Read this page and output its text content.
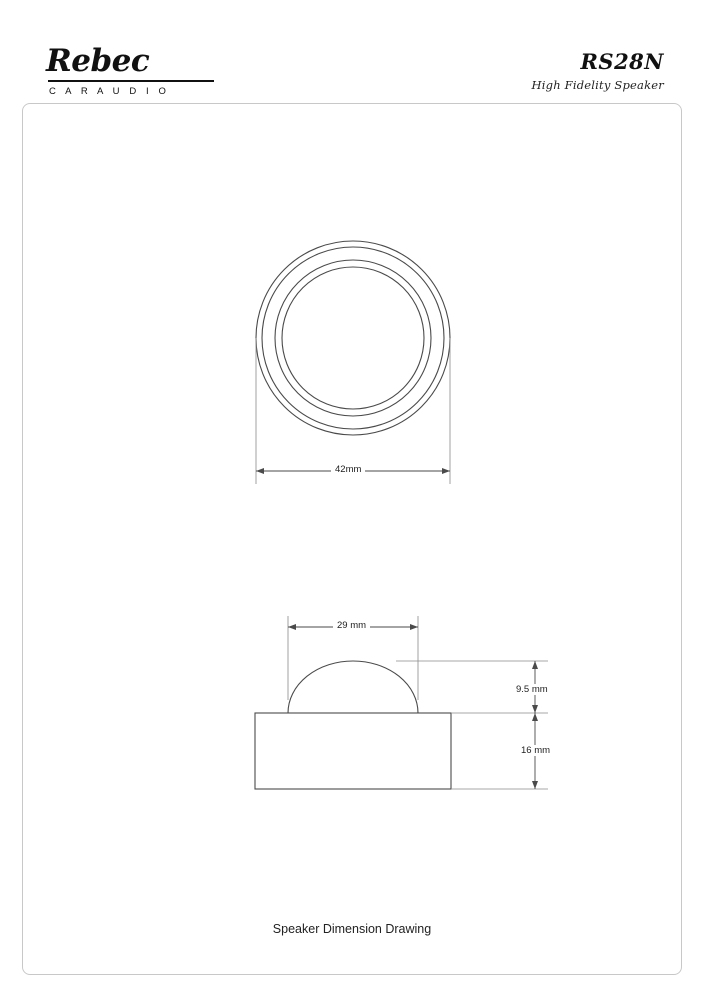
Rebec
C A R A U D I O
RS28N
High Fidelity Speaker
42mm
29 mm
9.5 mm
16 mm
Speaker Dimension Drawing
